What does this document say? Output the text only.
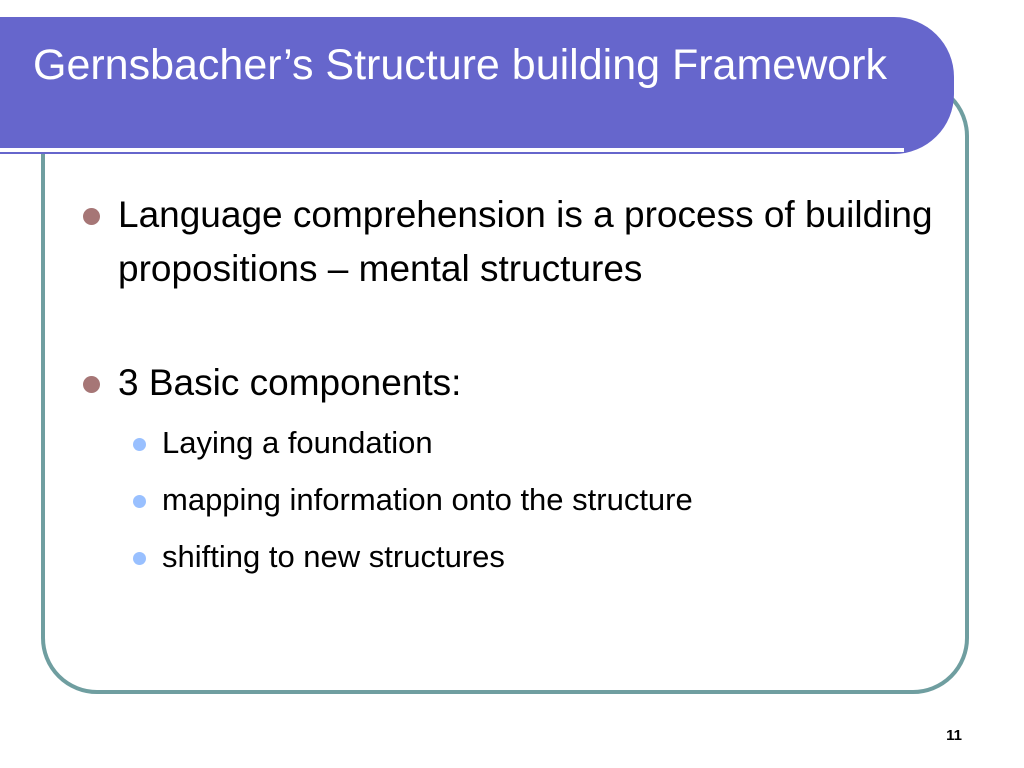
Gernsbacher’s Structure building Framework
Language comprehension is a process of building propositions – mental structures
3 Basic components:
Laying a foundation
mapping information onto the structure
shifting to new structures
11
